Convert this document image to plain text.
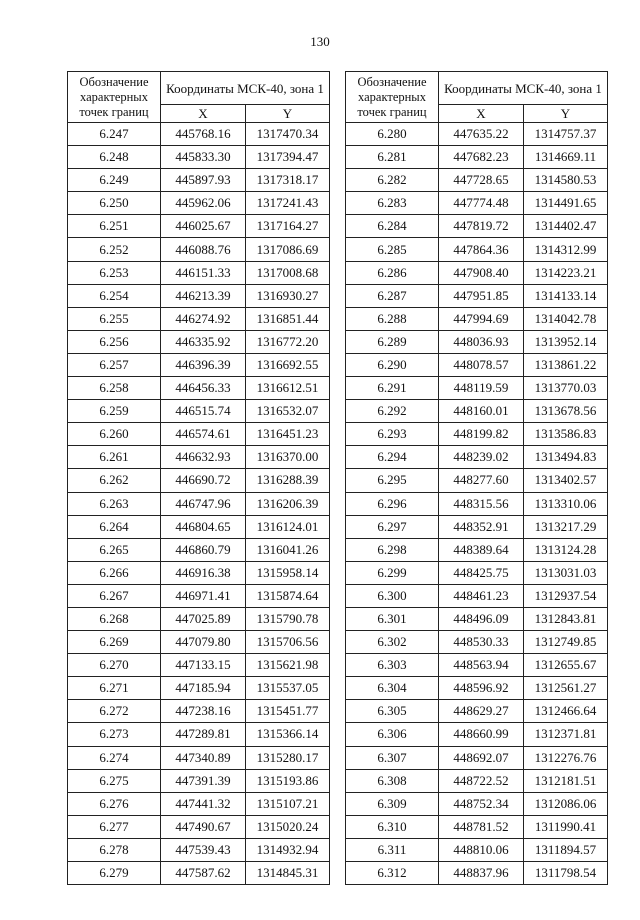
130
Обозначение характерных точек границ	Координаты МСК-40, зона 1	
	X	Y
6.247	445768.16	1317470.34
6.248	445833.30	1317394.47
6.249	445897.93	1317318.17
6.250	445962.06	1317241.43
6.251	446025.67	1317164.27
6.252	446088.76	1317086.69
6.253	446151.33	1317008.68
6.254	446213.39	1316930.27
6.255	446274.92	1316851.44
6.256	446335.92	1316772.20
6.257	446396.39	1316692.55
6.258	446456.33	1316612.51
6.259	446515.74	1316532.07
6.260	446574.61	1316451.23
6.261	446632.93	1316370.00
6.262	446690.72	1316288.39
6.263	446747.96	1316206.39
6.264	446804.65	1316124.01
6.265	446860.79	1316041.26
6.266	446916.38	1315958.14
6.267	446971.41	1315874.64
6.268	447025.89	1315790.78
6.269	447079.80	1315706.56
6.270	447133.15	1315621.98
6.271	447185.94	1315537.05
6.272	447238.16	1315451.77
6.273	447289.81	1315366.14
6.274	447340.89	1315280.17
6.275	447391.39	1315193.86
6.276	447441.32	1315107.21
6.277	447490.67	1315020.24
6.278	447539.43	1314932.94
6.279	447587.62	1314845.31
Обозначение характерных точек границ	Координаты МСК-40, зона 1	
	X	Y
6.280	447635.22	1314757.37
6.281	447682.23	1314669.11
6.282	447728.65	1314580.53
6.283	447774.48	1314491.65
6.284	447819.72	1314402.47
6.285	447864.36	1314312.99
6.286	447908.40	1314223.21
6.287	447951.85	1314133.14
6.288	447994.69	1314042.78
6.289	448036.93	1313952.14
6.290	448078.57	1313861.22
6.291	448119.59	1313770.03
6.292	448160.01	1313678.56
6.293	448199.82	1313586.83
6.294	448239.02	1313494.83
6.295	448277.60	1313402.57
6.296	448315.56	1313310.06
6.297	448352.91	1313217.29
6.298	448389.64	1313124.28
6.299	448425.75	1313031.03
6.300	448461.23	1312937.54
6.301	448496.09	1312843.81
6.302	448530.33	1312749.85
6.303	448563.94	1312655.67
6.304	448596.92	1312561.27
6.305	448629.27	1312466.64
6.306	448660.99	1312371.81
6.307	448692.07	1312276.76
6.308	448722.52	1312181.51
6.309	448752.34	1312086.06
6.310	448781.52	1311990.41
6.311	448810.06	1311894.57
6.312	448837.96	1311798.54
